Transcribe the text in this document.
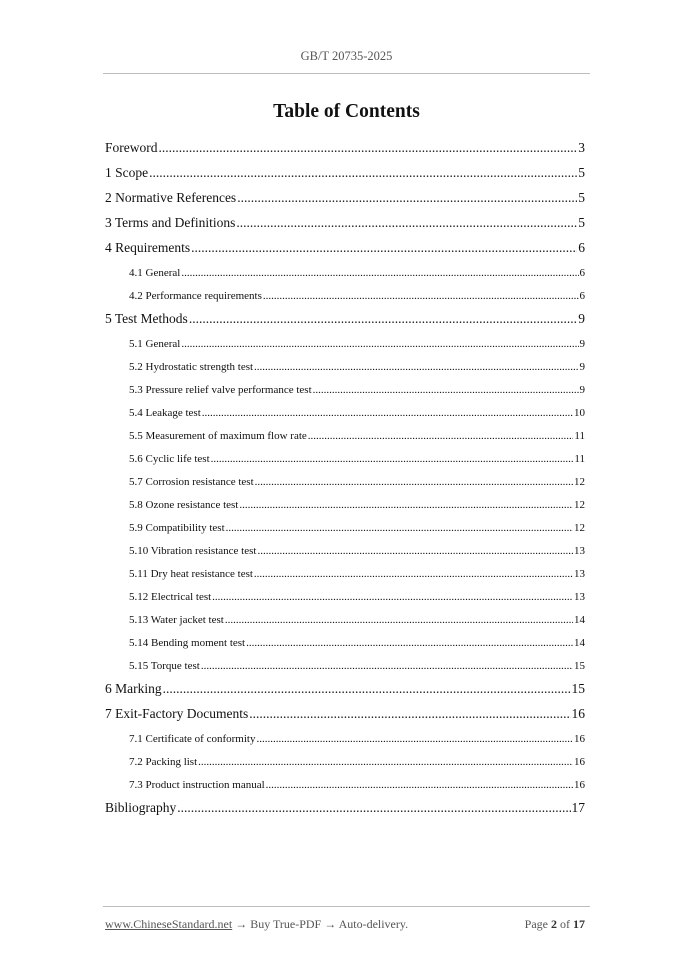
GB/T 20735-2025
Table of Contents
Foreword .....	3
1 Scope .....	5
2 Normative References .....	5
3 Terms and Definitions .....	5
4 Requirements .....	6
4.1 General .....	6
4.2 Performance requirements .....	6
5 Test Methods .....	9
5.1 General .....	9
5.2 Hydrostatic strength test .....	9
5.3 Pressure relief valve performance test .....	9
5.4 Leakage test .....	10
5.5 Measurement of maximum flow rate .....	11
5.6 Cyclic life test .....	11
5.7 Corrosion resistance test .....	12
5.8 Ozone resistance test .....	12
5.9 Compatibility test .....	12
5.10 Vibration resistance test .....	13
5.11 Dry heat resistance test .....	13
5.12 Electrical test .....	13
5.13 Water jacket test .....	14
5.14 Bending moment test .....	14
5.15 Torque test .....	15
6 Marking .....	15
7 Exit-Factory Documents .....	16
7.1 Certificate of conformity .....	16
7.2 Packing list .....	16
7.3 Product instruction manual .....	16
Bibliography .....	17
www.ChineseStandard.net → Buy True-PDF → Auto-delivery.	Page 2 of 17
